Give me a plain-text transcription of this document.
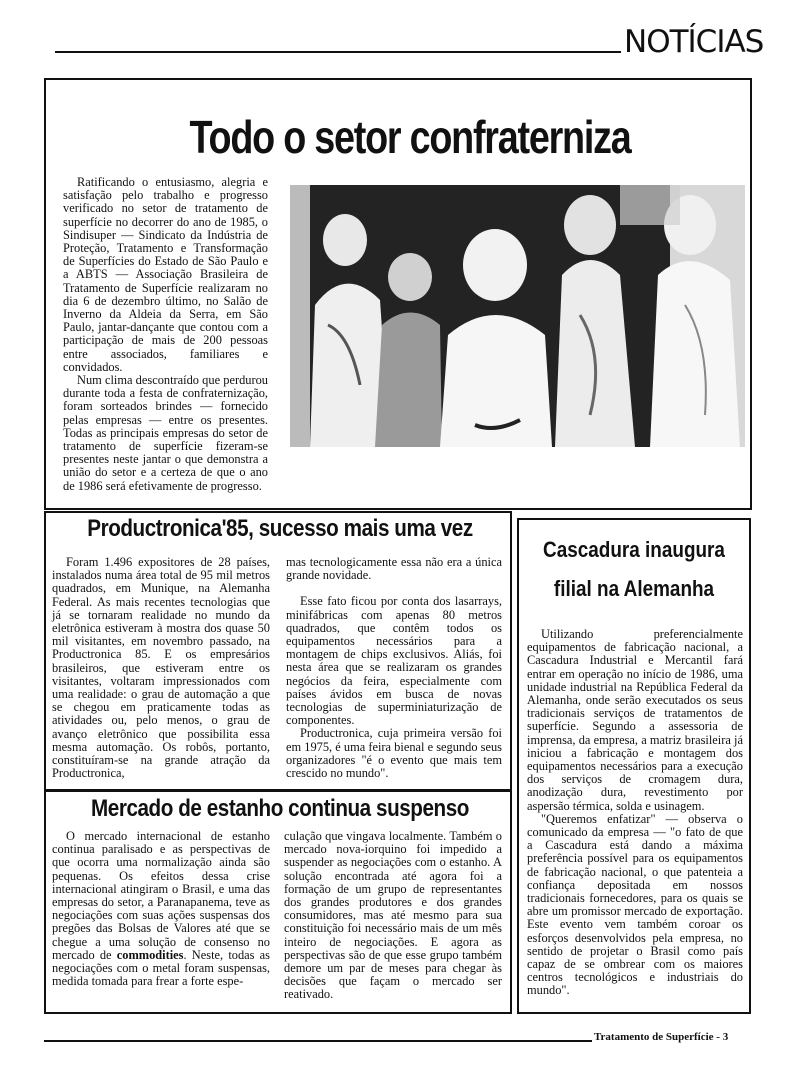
NOTÍCIAS
Todo o setor confraterniza

Ratificando o entusiasmo, alegria e satisfação pelo trabalho e progresso verificado no setor de tratamento de superfície no decorrer do ano de 1985, o Sindisuper — Sindicato da Indústria de Proteção, Tratamento e Transformação de Superfícies do Estado de São Paulo e a ABTS — Associação Brasileira de Tratamento de Superfície realizaram no dia 6 de dezembro último, no Salão de Inverno da Aldeia da Serra, em São Paulo, jantar-dançante que contou com a participação de mais de 200 pessoas entre associados, familiares e convidados.

Num clima descontraído que perdurou durante toda a festa de confraternização, foram sorteados brindes — fornecido pelas empresas — entre os presentes. Todas as principais empresas do setor de tratamento de superfície fizeram-se presentes neste jantar o que demonstra a união do setor e a certeza de que o ano de 1986 será efetivamente de progresso.

Productronica'85, sucesso mais uma vez

Foram 1.496 expositores de 28 países, instalados numa área total de 95 mil metros quadrados, em Munique, na Alemanha Federal. As mais recentes tecnologias que já se tornaram realidade no mundo da eletrônica estiveram à mostra dos quase 50 mil visitantes, em novembro passado, na Productronica 85. E os empresários brasileiros, que estiveram entre os visitantes, voltaram impressionados com uma realidade: o grau de automação a que se chegou em praticamente todas as atividades ou, pelo menos, o grau de avanço eletrônico que possibilita essa mesma automação. Os robôs, portanto, constituíram-se na grande atração da Productronica,

mas tecnologicamente essa não era a única grande novidade.

Esse fato ficou por conta dos lasarrays, minifábricas com apenas 80 metros quadrados, que contêm todos os equipamentos necessários para a montagem de chips exclusivos. Aliás, foi nesta área que se realizaram os grandes negócios da feira, especialmente com países ávidos em busca de novas tecnologias de superminiaturização de componentes.

Productronica, cuja primeira versão foi em 1975, é uma feira bienal e segundo seus organizadores "é o evento que mais tem crescido no mundo".

Mercado de estanho continua suspenso

O mercado internacional de estanho continua paralisado e as perspectivas de que ocorra uma normalização ainda são pequenas. Os efeitos dessa crise internacional atingiram o Brasil, e uma das empresas do setor, a Paranapanema, teve as negociações com suas ações suspensas dos pregões das Bolsas de Valores até que se chegue a uma solução de consenso no mercado de commodities. Neste, todas as negociações com o metal foram suspensas, medida tomada para frear a forte espe-

culação que vingava localmente. Também o mercado nova-iorquino foi impedido a suspender as negociações com o estanho. A solução encontrada até agora foi a formação de um grupo de representantes dos grandes produtores e dos grandes consumidores, mas até mesmo para sua constituição foi necessário mais de um mês inteiro de negociações. E agora as perspectivas são de que esse grupo também demore um par de meses para chegar às decisões que façam o mercado ser reativado.

Cascadura inaugura
filial na Alemanha

Utilizando preferencialmente equipamentos de fabricação nacional, a Cascadura Industrial e Mercantil fará entrar em operação no início de 1986, uma unidade industrial na República Federal da Alemanha, onde serão executados os seus tradicionais serviços de tratamentos de superfície. Segundo a assessoria de imprensa, da empresa, a matriz brasileira já iniciou a fabricação e montagem dos equipamentos necessários para a execução dos serviços de cromagem dura, anodização dura, revestimento por aspersão térmica, solda e usinagem.

"Queremos enfatizar" — observa o comunicado da empresa — "o fato de que a Cascadura está dando a máxima preferência possível para os equipamentos de fabricação nacional, o que patenteia a confiança depositada em nossos tradicionais fornecedores, para os quais se abre um promissor mercado de exportação. Este evento vem também coroar os esforços desenvolvidos pela empresa, no sentido de projetar o Brasil como país capaz de se ombrear com os maiores centros tecnológicos e industriais do mundo".

Tratamento de Superfície - 3
